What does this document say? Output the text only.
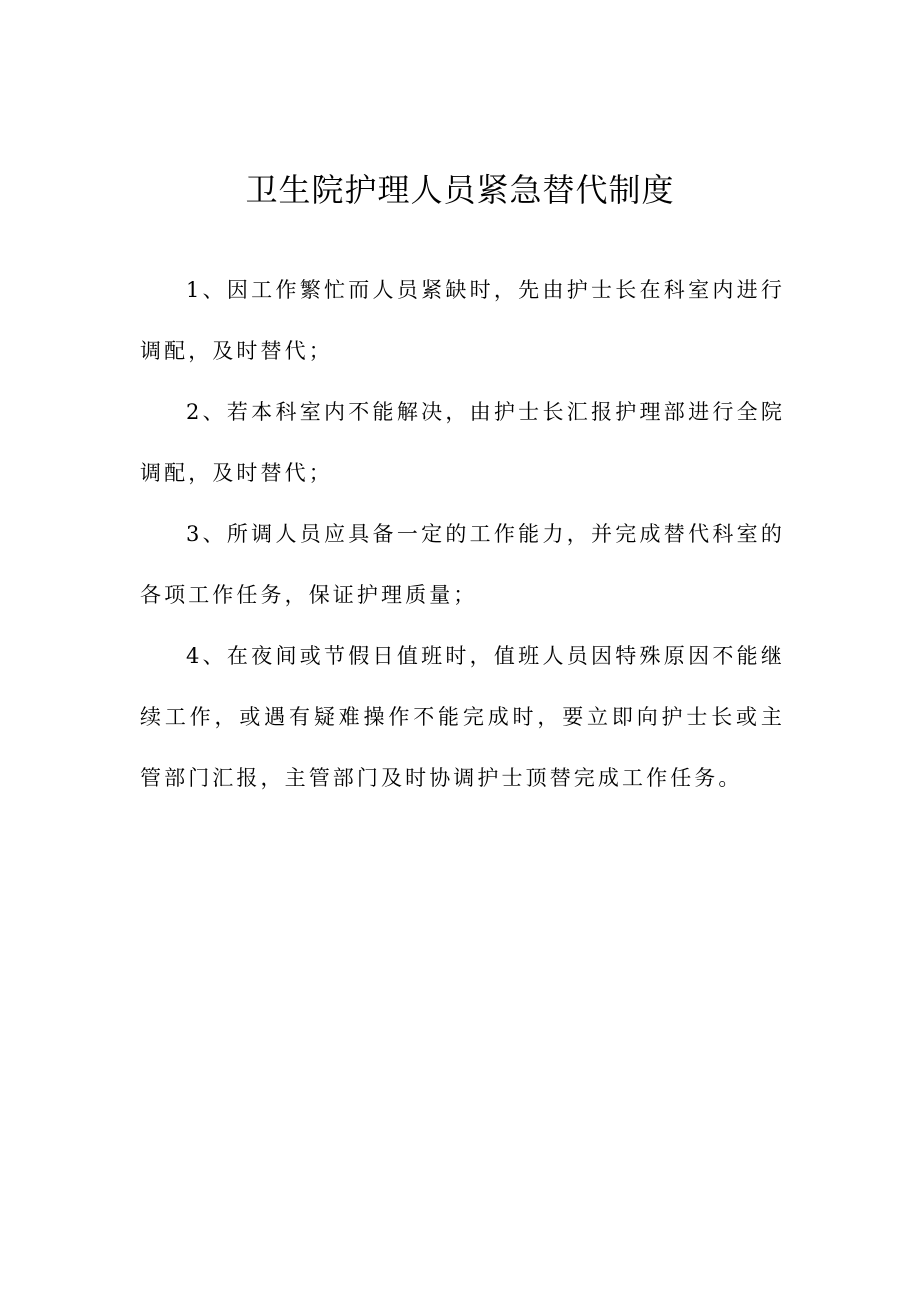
卫生院护理人员紧急替代制度

1、因工作繁忙而人员紧缺时，先由护士长在科室内进行调配，及时替代；

2、若本科室内不能解决，由护士长汇报护理部进行全院调配，及时替代；

3、所调人员应具备一定的工作能力，并完成替代科室的各项工作任务，保证护理质量；

4、在夜间或节假日值班时，值班人员因特殊原因不能继续工作，或遇有疑难操作不能完成时，要立即向护士长或主管部门汇报，主管部门及时协调护士顶替完成工作任务。
